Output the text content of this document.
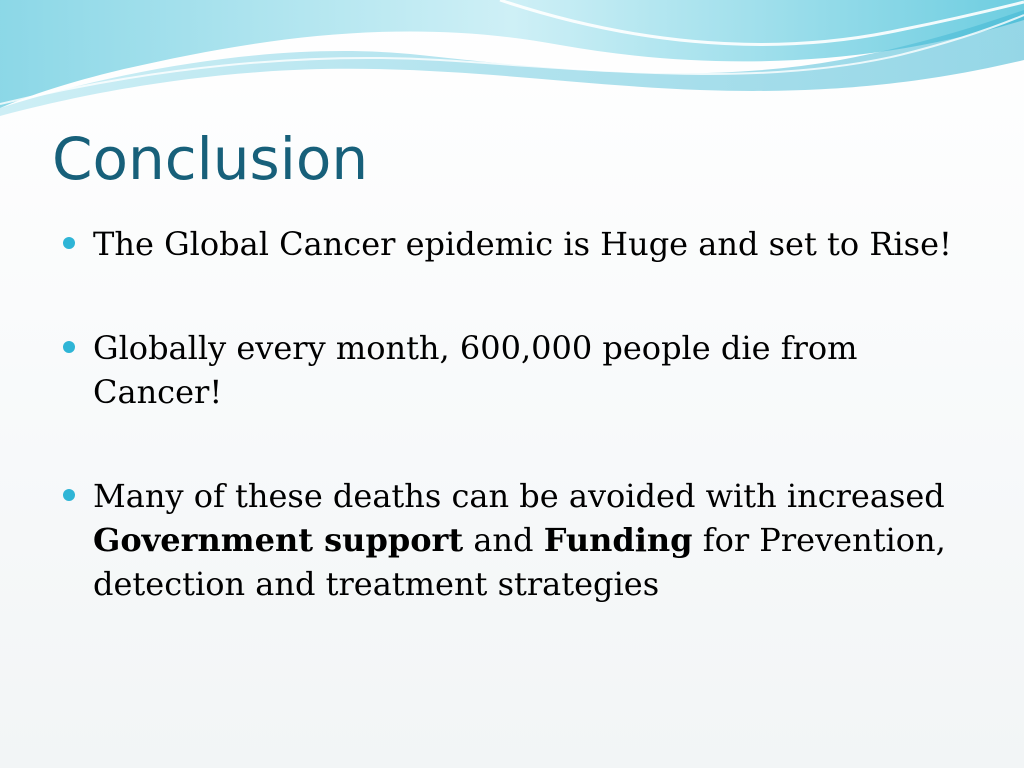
Conclusion
The Global Cancer epidemic is Huge and set to Rise!
Globally every month, 600,000 people die from Cancer!
Many of these deaths can be avoided with increased Government support and Funding for Prevention, detection and treatment strategies
